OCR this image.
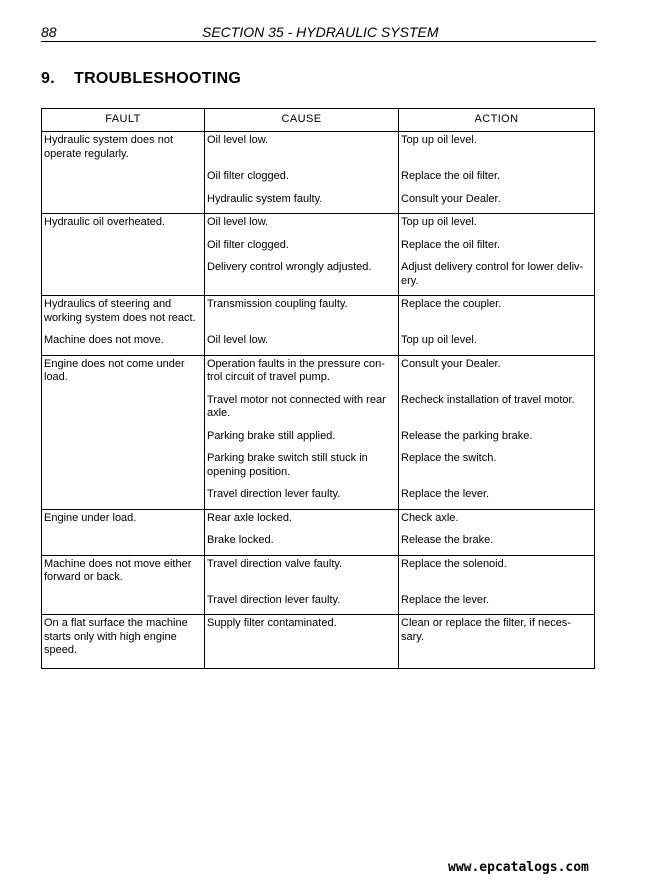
88	SECTION 35 - HYDRAULIC SYSTEM
9. TROUBLESHOOTING
FAULT	CAUSE	ACTION
Hydraulic system does not operate regularly.	Oil level low.	Top up oil level.
	Oil filter clogged.	Replace the oil filter.
	Hydraulic system faulty.	Consult your Dealer.
Hydraulic oil overheated.	Oil level low.	Top up oil level.
	Oil filter clogged.	Replace the oil filter.
	Delivery control wrongly adjusted.	Adjust delivery control for lower deliv-ery.
Hydraulics of steering and working system does not react.	Transmission coupling faulty.	Replace the coupler.
Machine does not move.	Oil level low.	Top up oil level.
Engine does not come under load.	Operation faults in the pressure con-trol circuit of travel pump.	Consult your Dealer.
	Travel motor not connected with rear axle.	Recheck installation of travel motor.
	Parking brake still applied.	Release the parking brake.
	Parking brake switch still stuck in opening position.	Replace the switch.
	Travel direction lever faulty.	Replace the lever.
Engine under load.	Rear axle locked.	Check axle.
	Brake locked.	Release the brake.
Machine does not move either forward or back.	Travel direction valve faulty.	Replace the solenoid.
	Travel direction lever faulty.	Replace the lever.
On a flat surface the machine starts only with high engine speed.	Supply filter contaminated.	Clean or replace the filter, if neces-sary.
www.epcatalogs.com
